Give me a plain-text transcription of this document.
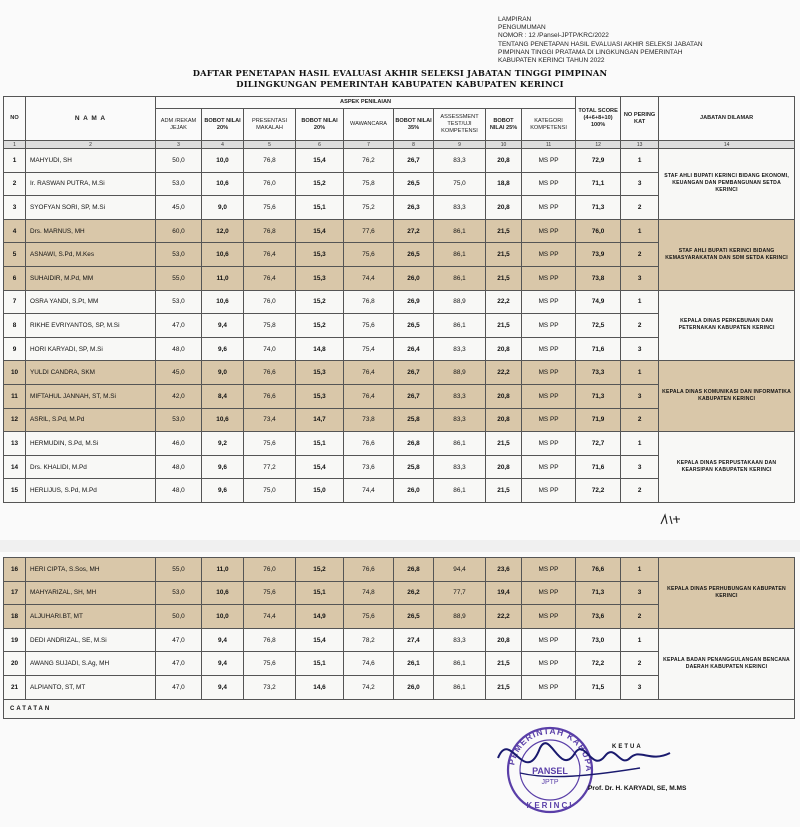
LAMPIRAN
PENGUMUMAN
NOMOR : 12 /Pansel-JPTP/KRC/2022
TENTANG PENETAPAN HASIL EVALUASI AKHIR SELEKSI JABATAN
PIMPINAN TINGGI PRATAMA DI LINGKUNGAN PEMERINTAH
KABUPATEN KERINCI TAHUN 2022
DAFTAR PENETAPAN HASIL EVALUASI AKHIR SELEKSI JABATAN TINGGI PIMPINAN
DILINGKUNGAN PEMERINTAH KABUPATEN KABUPATEN KERINCI
NO	N A M A	ASPEK PENILAIAN									TOTAL SCORE (4+6+8+10) 100%	NO PERING KAT	JABATAN DILAMAR
		ADM /REKAM JEJAK	BOBOT NILAI 20%	PRESENTASI MAKALAH	BOBOT NILAI 20%	WAWANCARA	BOBOT NILAI 35%	ASSESSMENT TEST/UJI KOMPETENSI	BOBOT NILAI 25%	KATEGORI KOMPETENSI			
1	2	3	4	5	6	7	8	9	10	11	12	13	14
1	MAHYUDI, SH	50,0	10,0	76,8	15,4	76,2	26,7	83,3	20,8	MS PP	72,9	1	STAF AHLI BUPATI KERINCI BIDANG EKONOMI, KEUANGAN DAN PEMBANGUNAN SETDA KERINCI
2	Ir. RASWAN PUTRA, M.Si	53,0	10,6	76,0	15,2	75,8	26,5	75,0	18,8	MS PP	71,1	3	
3	SYOFYAN SORI, SP, M.Si	45,0	9,0	75,6	15,1	75,2	26,3	83,3	20,8	MS PP	71,3	2	
4	Drs. MARNUS, MH	60,0	12,0	76,8	15,4	77,6	27,2	86,1	21,5	MS PP	76,0	1	STAF AHLI BUPATI KERINCI BIDANG KEMASYARAKATAN DAN SDM SETDA KERINCI
5	ASNAWI, S.Pd, M.Kes	53,0	10,6	76,4	15,3	75,6	26,5	86,1	21,5	MS PP	73,9	2	
6	SUHAIDIR, M.Pd, MM	55,0	11,0	76,4	15,3	74,4	26,0	86,1	21,5	MS PP	73,8	3	
7	OSRA YANDI, S.Pt, MM	53,0	10,6	76,0	15,2	76,8	26,9	88,9	22,2	MS PP	74,9	1	KEPALA DINAS PERKEBUNAN DAN PETERNAKAN KABUPATEN KERINCI
8	RIKHE EVRIYANTOS, SP, M.Si	47,0	9,4	75,8	15,2	75,6	26,5	86,1	21,5	MS PP	72,5	2	
9	HORI KARYADI, SP, M.Si	48,0	9,6	74,0	14,8	75,4	26,4	83,3	20,8	MS PP	71,6	3	
10	YULDI CANDRA, SKM	45,0	9,0	76,6	15,3	76,4	26,7	88,9	22,2	MS PP	73,3	1	KEPALA DINAS KOMUNIKASI DAN INFORMATIKA KABUPATEN KERINCI
11	MIFTAHUL JANNAH, ST, M.Si	42,0	8,4	76,6	15,3	76,4	26,7	83,3	20,8	MS PP	71,3	3	
12	ASRIL, S.Pd, M.Pd	53,0	10,6	73,4	14,7	73,8	25,8	83,3	20,8	MS PP	71,9	2	
13	HERMUDIN, S.Pd, M.Si	46,0	9,2	75,6	15,1	76,6	26,8	86,1	21,5	MS PP	72,7	1	KEPALA DINAS PERPUSTAKAAN DAN KEARSIPAN KABUPATEN KERINCI
14	Drs. KHALIDI, M.Pd	48,0	9,6	77,2	15,4	73,6	25,8	83,3	20,8	MS PP	71,6	3	
15	HERLIJUS, S.Pd, M.Pd	48,0	9,6	75,0	15,0	74,4	26,0	86,1	21,5	MS PP	72,2	2	
16	HERI CIPTA, S.Sos, MH	55,0	11,0	76,0	15,2	76,6	26,8	94,4	23,6	MS PP	76,6	1	KEPALA DINAS PERHUBUNGAN KABUPATEN KERINCI
17	MAHYARIZAL, SH, MH	53,0	10,6	75,6	15,1	74,8	26,2	77,7	19,4	MS PP	71,3	3	
18	ALJUHARI.BT, MT	50,0	10,0	74,4	14,9	75,6	26,5	88,9	22,2	MS PP	73,6	2	
19	DEDI ANDRIZAL, SE, M.Si	47,0	9,4	76,8	15,4	78,2	27,4	83,3	20,8	MS PP	73,0	1	KEPALA BADAN PENANGGULANGAN BENCANA DAERAH KABUPATEN KERINCI
20	AWANG SUJADI, S.Ag, MH	47,0	9,4	75,6	15,1	74,6	26,1	86,1	21,5	MS PP	72,2	2	
21	ALPIANTO, ST, MT	47,0	9,4	73,2	14,6	74,2	26,0	86,1	21,5	MS PP	71,5	3	
CATATAN													
PEMERINTAH KABUPA
PANSEL
JPTP
KERINCI
KETUA
Prof. Dr. H. KARYADI, SE, M.MS
